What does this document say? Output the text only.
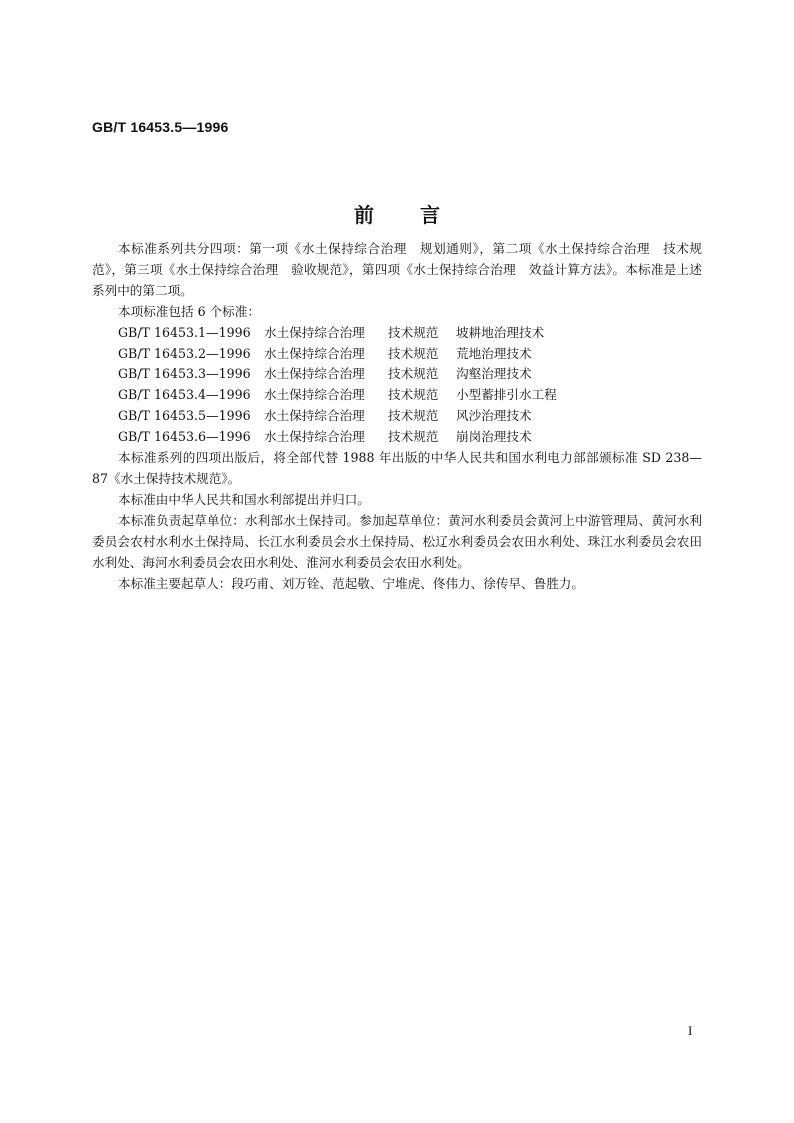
GB/T 16453.5—1996
前言

本标准系列共分四项：第一项《水土保持综合治理　规划通则》，第二项《水土保持综合治理　技术规范》，第三项《水土保持综合治理　验收规范》，第四项《水土保持综合治理　效益计算方法》。本标准是上述系列中的第二项。

本项标准包括 6 个标准：

GB/T 16453.1—1996	水土保持综合治理	技术规范	坡耕地治理技术
GB/T 16453.2—1996	水土保持综合治理	技术规范	荒地治理技术
GB/T 16453.3—1996	水土保持综合治理	技术规范	沟壑治理技术
GB/T 16453.4—1996	水土保持综合治理	技术规范	小型蓄排引水工程
GB/T 16453.5—1996	水土保持综合治理	技术规范	风沙治理技术
GB/T 16453.6—1996	水土保持综合治理	技术规范	崩岗治理技术

本标准系列的四项出版后，将全部代替 1988 年出版的中华人民共和国水利电力部部颁标准 SD 238—87《水土保持技术规范》。

本标准由中华人民共和国水利部提出并归口。

本标准负责起草单位：水利部水土保持司。参加起草单位：黄河水利委员会黄河上中游管理局、黄河水利委员会农村水利水土保持局、长江水利委员会水土保持局、松辽水利委员会农田水利处、珠江水利委员会农田水利处、海河水利委员会农田水利处、淮河水利委员会农田水利处。

本标准主要起草人：段巧甫、刘万铨、范起敬、宁堆虎、佟伟力、徐传早、鲁胜力。

I
